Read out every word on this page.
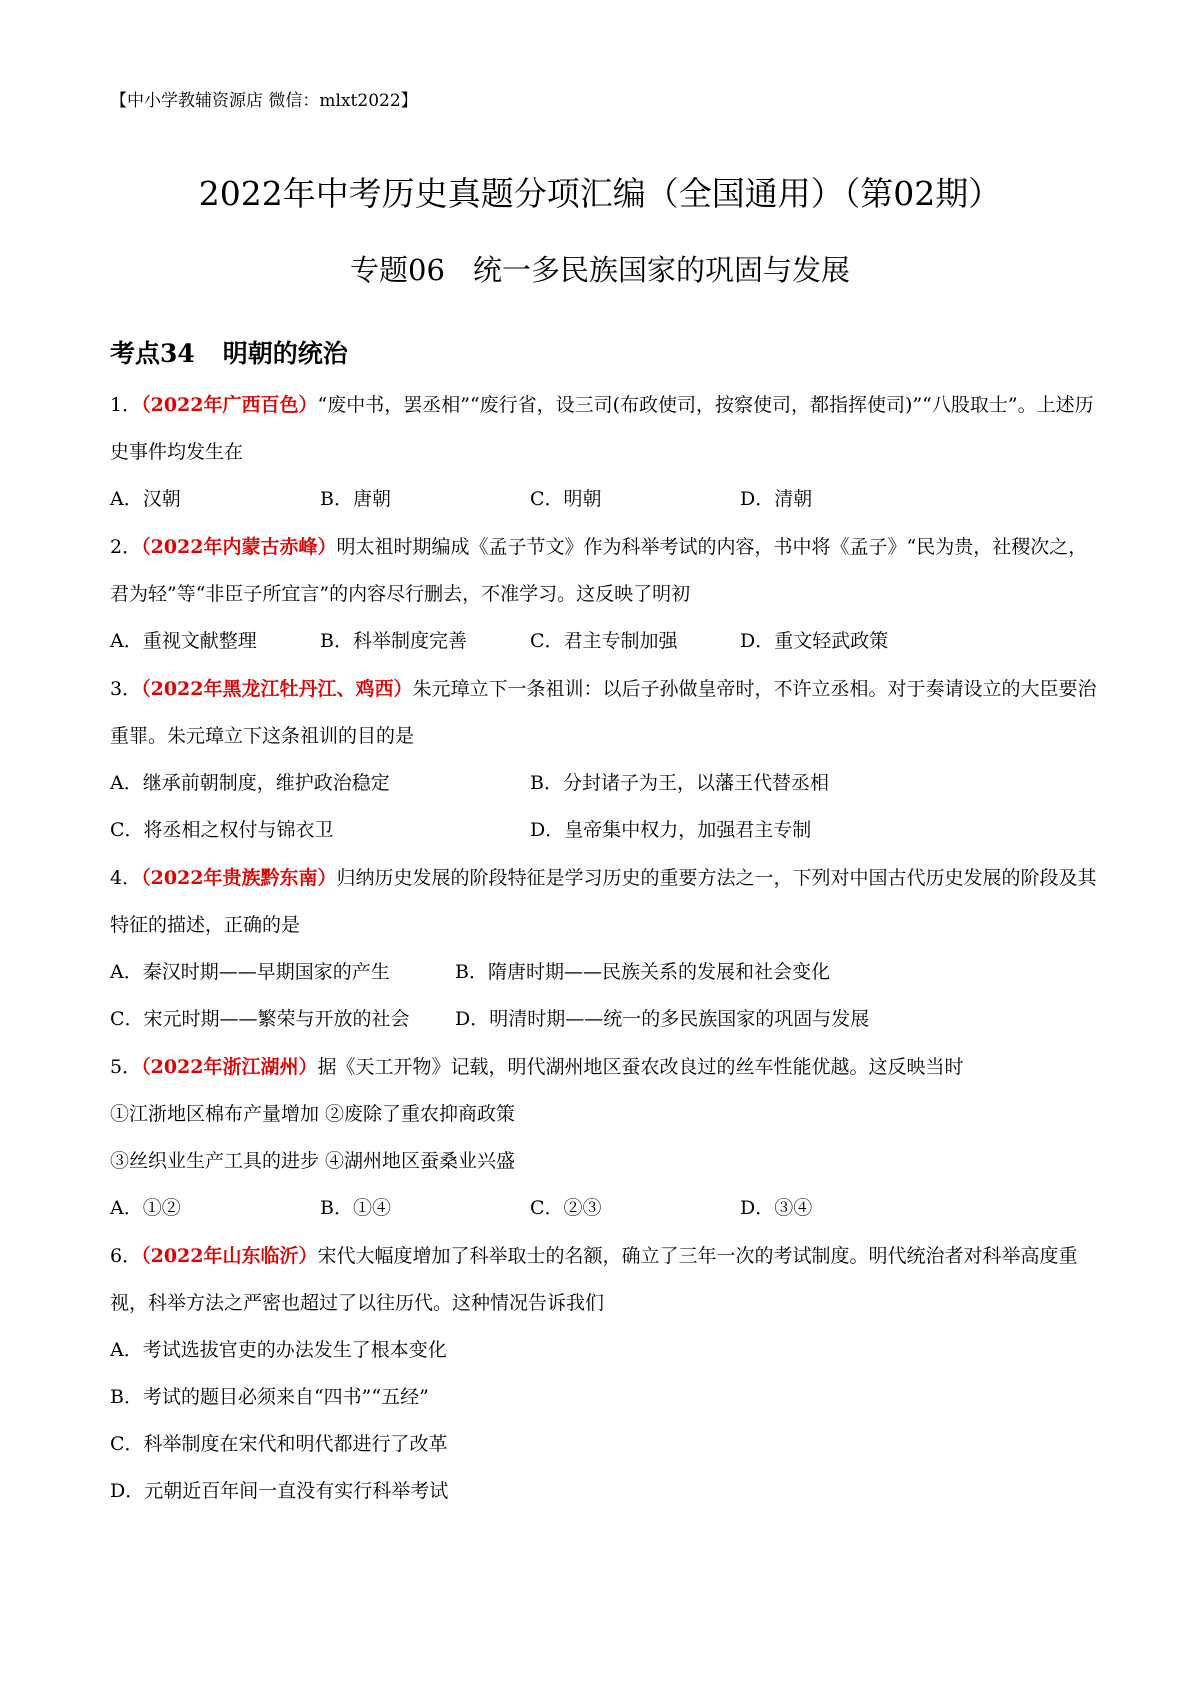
【中小学教辅资源店 微信：mlxt2022】
2022年中考历史真题分项汇编（全国通用）（第02期）
专题06 统一多民族国家的巩固与发展
考点34 明朝的统治

1．（2022年广西百色）“废中书，罢丞相”“废行省，设三司(布政使司，按察使司，都指挥使司)”“八股取士”。上述历史事件均发生在

A．汉朝	B．唐朝	C．明朝	D．清朝

2．（2022年内蒙古赤峰）明太祖时期编成《孟子节文》作为科举考试的内容，书中将《孟子》“民为贵，社稷次之，君为轻”等“非臣子所宜言”的内容尽行删去，不准学习。这反映了明初

A．重视文献整理	B．科举制度完善	C．君主专制加强	D．重文轻武政策

3．（2022年黑龙江牡丹江、鸡西）朱元璋立下一条祖训：以后子孙做皇帝时，不许立丞相。对于奏请设立的大臣要治重罪。朱元璋立下这条祖训的目的是

A．继承前朝制度，维护政治稳定	B．分封诸子为王，以藩王代替丞相
C．将丞相之权付与锦衣卫	D．皇帝集中权力，加强君主专制

4．（2022年贵族黔东南）归纳历史发展的阶段特征是学习历史的重要方法之一，下列对中国古代历史发展的阶段及其特征的描述，正确的是

A．秦汉时期——早期国家的产生	B．隋唐时期——民族关系的发展和社会变化
C．宋元时期——繁荣与开放的社会 D．明清时期——统一的多民族国家的巩固与发展

5．（2022年浙江湖州）据《天工开物》记载，明代湖州地区蚕农改良过的丝车性能优越。这反映当时

①江浙地区棉布产量增加 ②废除了重农抑商政策

③丝织业生产工具的进步 ④湖州地区蚕桑业兴盛

A．①②	B．①④	C．②③	D．③④

6．（2022年山东临沂）宋代大幅度增加了科举取士的名额，确立了三年一次的考试制度。明代统治者对科举高度重视，科举方法之严密也超过了以往历代。这种情况告诉我们

A．考试选拔官吏的办法发生了根本变化

B．考试的题目必须来自“四书”“五经”

C．科举制度在宋代和明代都进行了改革

D．元朝近百年间一直没有实行科举考试
